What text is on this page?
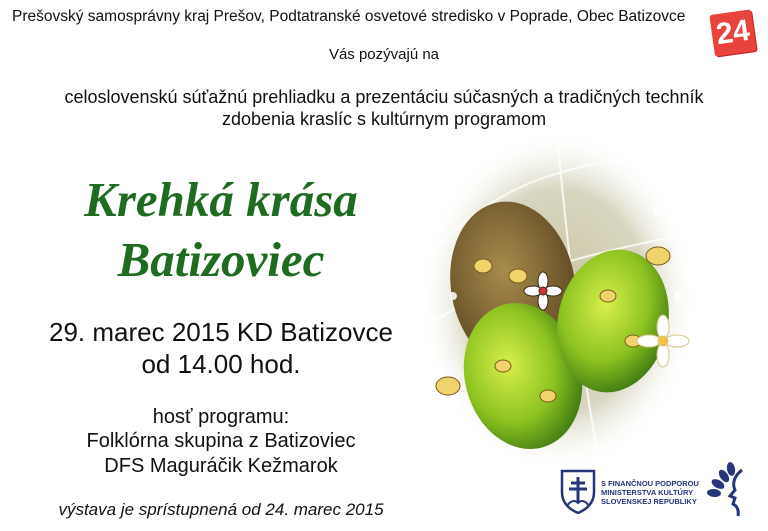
Prešovský samosprávny kraj Prešov, Podtatranské osvetové stredisko v Poprade, Obec Batizovce
Vás pozývajú na
celoslovenskú súťažnú prehliadku a prezentáciu súčasných a tradičných techník
zdobenia kraslíc s kultúrnym programom
Krehká krása
Batizoviec
29. marec 2015 KD Batizovce
od 14.00 hod.
hosť programu:
Folklórna skupina z Batizoviec
DFS Maguráčik Kežmarok
výstava je sprístupnená od 24. marec 2015
24
S FINANČNOU PODPOROU
MINISTERSTVA KULTÚRY
SLOVENSKEJ REPUBLIKY
